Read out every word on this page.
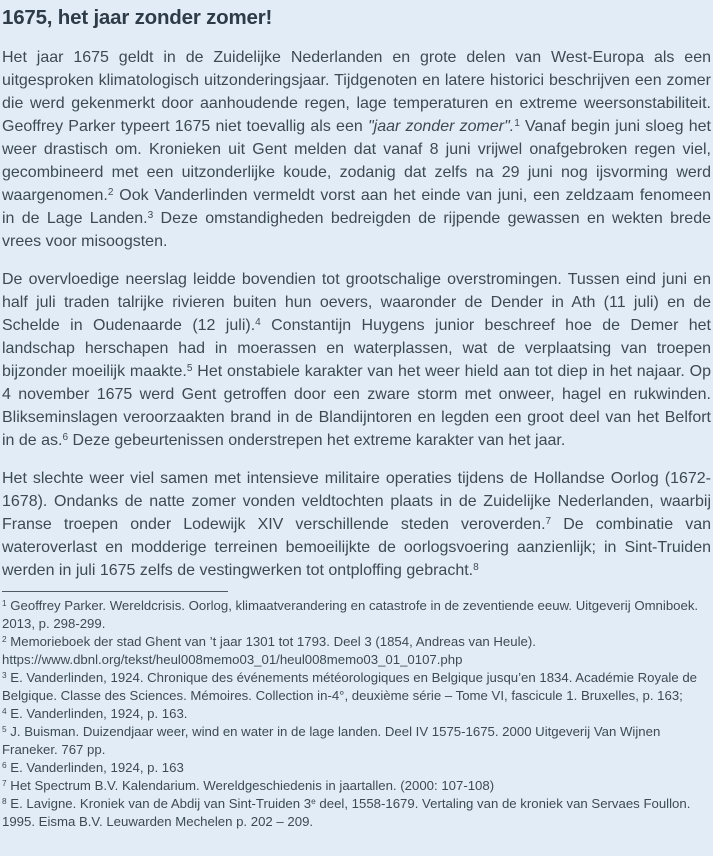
1675, het jaar zonder zomer!

Het jaar 1675 geldt in de Zuidelijke Nederlanden en grote delen van West-Europa als een uitgesproken klimatologisch uitzonderingsjaar. Tijdgenoten en latere historici beschrijven een zomer die werd gekenmerkt door aanhoudende regen, lage temperaturen en extreme weersonstabiliteit. Geoffrey Parker typeert 1675 niet toevallig als een "jaar zonder zomer".$^1$ Vanaf begin juni sloeg het weer drastisch om. Kronieken uit Gent melden dat vanaf 8 juni vrijwel onafgebroken regen viel, gecombineerd met een uitzonderlijke koude, zodanig dat zelfs na 29 juni nog ijsvorming werd waargenomen.$^2$ Ook Vanderlinden vermeldt vorst aan het einde van juni, een zeldzaam fenomeen in de Lage Landen.$^3$ Deze omstandigheden bedreigden de rijpende gewassen en wekten brede vrees voor misoogsten.

De overvloedige neerslag leidde bovendien tot grootschalige overstromingen. Tussen eind juni en half juli traden talrijke rivieren buiten hun oevers, waaronder de Dender in Ath (11 juli) en de Schelde in Oudenaarde (12 juli).$^4$ Constantijn Huygens junior beschreef hoe de Demer het landschap herschapen had in moerassen en waterplassen, wat de verplaatsing van troepen bijzonder moeilijk maakte.$^5$ Het onstabiele karakter van het weer hield aan tot diep in het najaar. Op 4 november 1675 werd Gent getroffen door een zware storm met onweer, hagel en rukwinden. Blikseminslagen veroorzaakten brand in de Blandijntoren en legden een groot deel van het Belfort in de as.$^6$ Deze gebeurtenissen onderstrepen het extreme karakter van het jaar.

Het slechte weer viel samen met intensieve militaire operaties tijdens de Hollandse Oorlog (1672-1678). Ondanks de natte zomer vonden veldtochten plaats in de Zuidelijke Nederlanden, waarbij Franse troepen onder Lodewijk XIV verschillende steden veroverden.$^7$ De combinatie van wateroverlast en modderige terreinen bemoeilijkte de oorlogsvoering aanzienlijk; in Sint-Truiden werden in juli 1675 zelfs de vestingwerken tot ontploffing gebracht.$^8$

$^1$ Geoffrey Parker. Wereldcrisis. Oorlog, klimaatverandering en catastrofe in de zeventiende eeuw. Uitgeverij Omniboek. 2013, p. 298-299.

$^2$ Memorieboek der stad Ghent van ’t jaar 1301 tot 1793. Deel 3 (1854, Andreas van Heule). https://www.dbnl.org/tekst/heul008memo03_01/heul008memo03_01_0107.php

$^3$ E. Vanderlinden, 1924. Chronique des événements météorologiques en Belgique jusqu’en 1834. Académie Royale de Belgique. Classe des Sciences. Mémoires. Collection in-4°, deuxième série – Tome VI, fascicule 1. Bruxelles, p. 163;

$^4$ E. Vanderlinden, 1924, p. 163.

$^5$ J. Buisman. Duizendjaar weer, wind en water in de lage landen. Deel IV 1575-1675. 2000 Uitgeverij Van Wijnen Franeker. 767 pp.

$^6$ E. Vanderlinden, 1924, p. 163

$^7$ Het Spectrum B.V. Kalendarium. Wereldgeschiedenis in jaartallen. (2000: 107-108)

$^8$ E. Lavigne. Kroniek van de Abdij van Sint-Truiden 3e deel, 1558-1679. Vertaling van de kroniek van Servaes Foullon. 1995. Eisma B.V. Leuwarden Mechelen p. 202 – 209.
